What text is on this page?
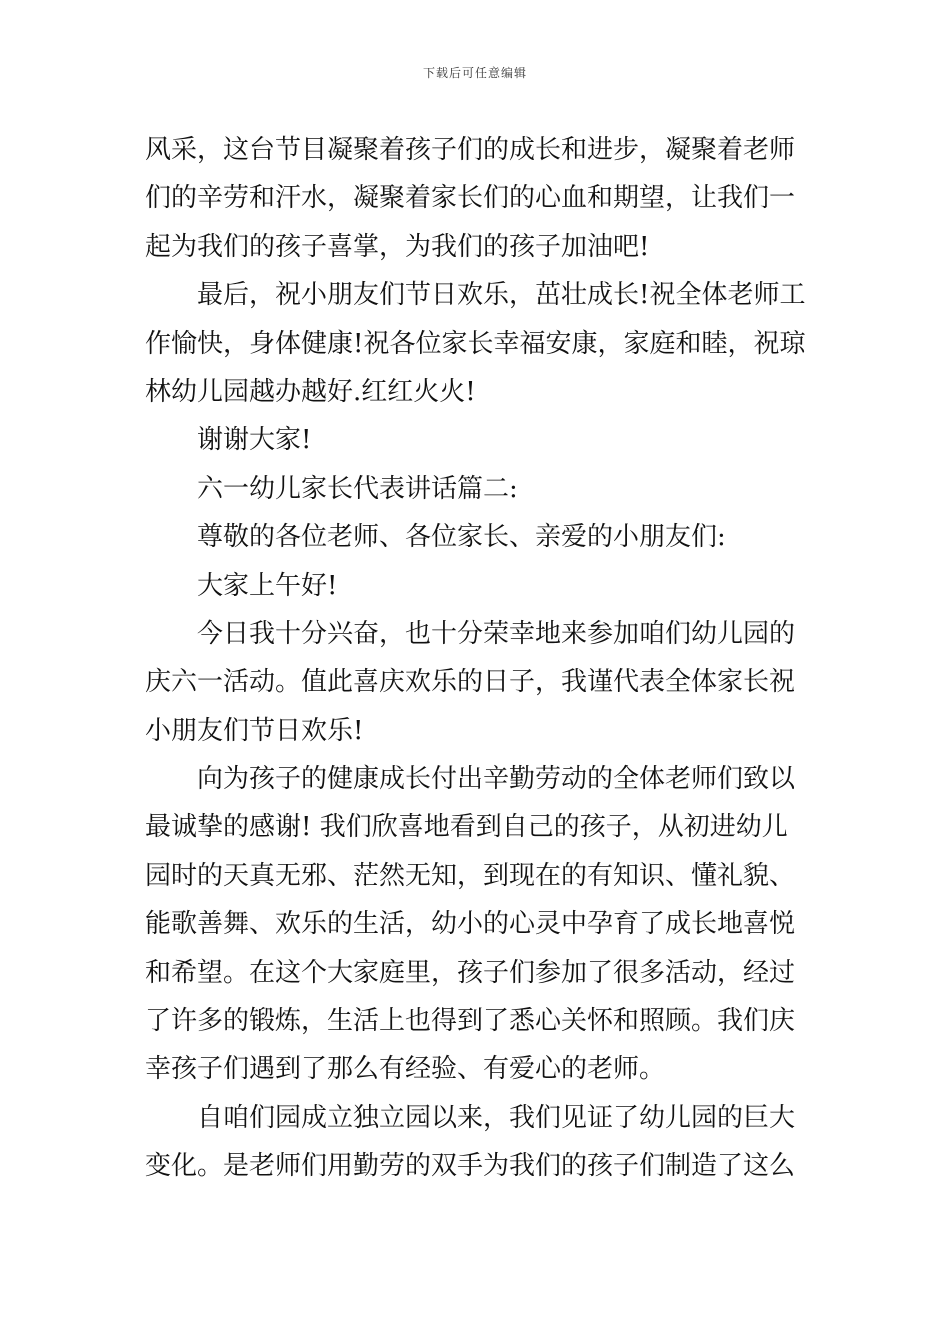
下载后可任意编辑
风采，这台节目凝聚着孩子们的成长和进步，凝聚着老师
们的辛劳和汗水，凝聚着家长们的心血和期望，让我们一
起为我们的孩子喜掌，为我们的孩子加油吧!
最后，祝小朋友们节日欢乐，茁壮成长!祝全体老师工
作愉快，身体健康!祝各位家长幸福安康，家庭和睦，祝琼
林幼儿园越办越好.红红火火!
谢谢大家!
六一幼儿家长代表讲话篇二:
尊敬的各位老师、各位家长、亲爱的小朋友们:
大家上午好!
今日我十分兴奋，也十分荣幸地来参加咱们幼儿园的
庆六一活动。值此喜庆欢乐的日子，我谨代表全体家长祝
小朋友们节日欢乐!
向为孩子的健康成长付出辛勤劳动的全体老师们致以
最诚挚的感谢! 我们欣喜地看到自己的孩子，从初进幼儿
园时的天真无邪、茫然无知，到现在的有知识、懂礼貌、
能歌善舞、欢乐的生活，幼小的心灵中孕育了成长地喜悦
和希望。在这个大家庭里，孩子们参加了很多活动，经过
了许多的锻炼，生活上也得到了悉心关怀和照顾。我们庆
幸孩子们遇到了那么有经验、有爱心的老师。
自咱们园成立独立园以来，我们见证了幼儿园的巨大
变化。是老师们用勤劳的双手为我们的孩子们制造了这么
